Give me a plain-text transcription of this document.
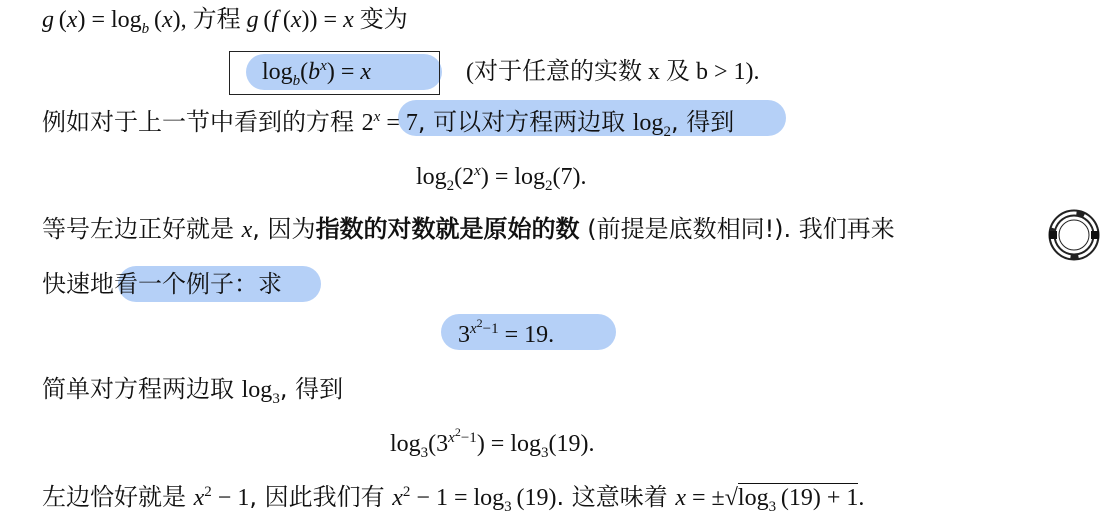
g $(x) = \log_b (x)$, 方程 g (f (x)) = x 变为
$\log_b(b^x) = x$	(对于任意的实数 x 及 b > 1).
例如对于上一节中看到的方程 $2^x = 7$, 可以对方程两边取 $\log_2$, 得到
$\log_2(2^x) = \log_2(7)$.
等号左边正好就是 x, 因为指数的对数就是原始的数 (前提是底数相同!). 我们再来
快速地看一个例子：求
$3^{x^2-1} = 19$.
简单对方程两边取 $\log_3$, 得到
$\log_3(3^{x^2-1}) = \log_3(19)$.
左边恰好就是 $x^2 - 1$, 因此我们有 $x^2 - 1 = \log_3 (19)$. 这意味着 $x = \pm√\log_3$ (19) + 1.
